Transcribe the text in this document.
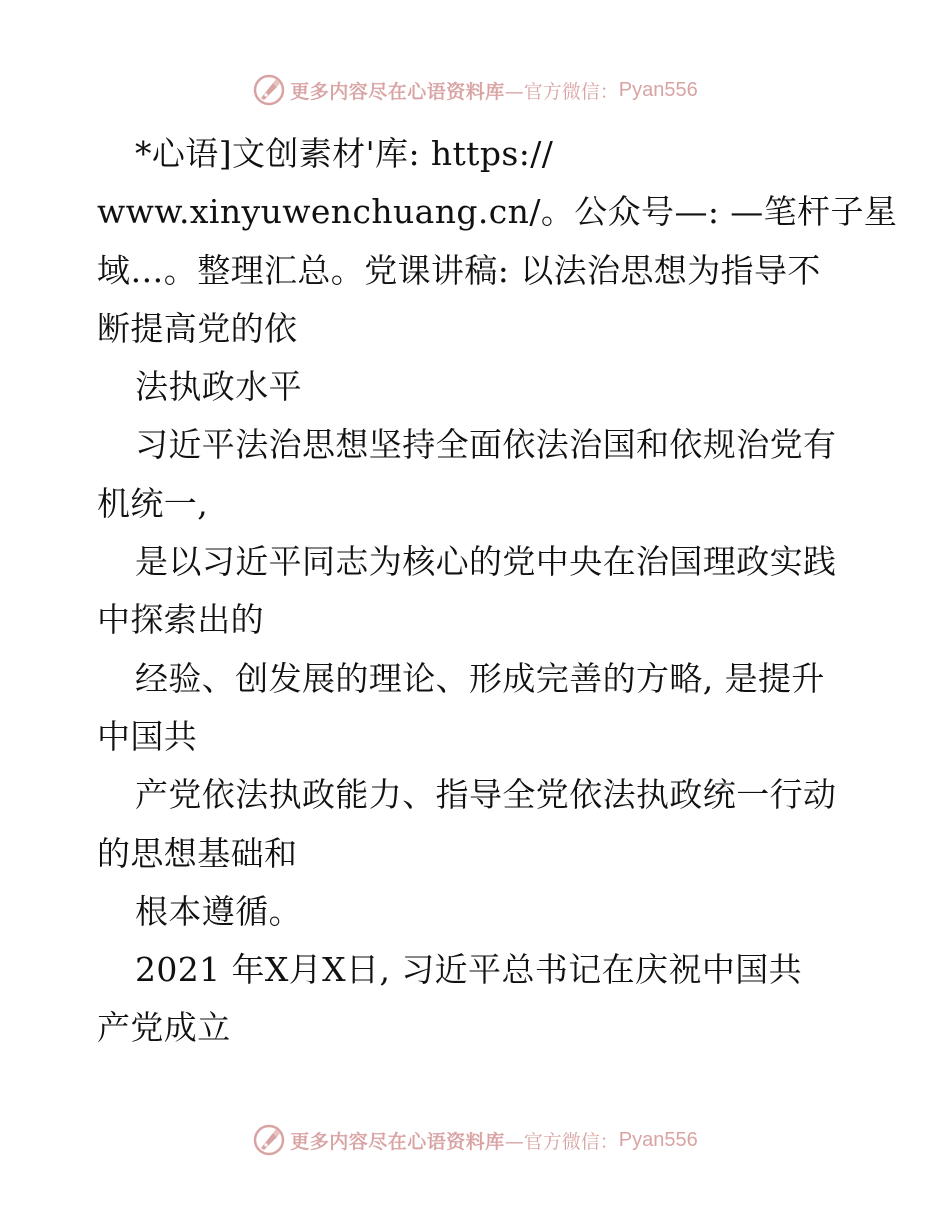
更多内容尽在心语资料库 —官方微信： Pyan556
*心语]文创素材'库: https://
www.xinyuwenchuang.cn/。公众号—: —笔杆子星
域…。整理汇总。党课讲稿: 以法治思想为指导不
断提高党的依
法执政水平
习近平法治思想坚持全面依法治国和依规治党有
机统一,
是以习近平同志为核心的党中央在治国理政实践
中探索出的
经验、创发展的理论、形成完善的方略, 是提升
中国共
产党依法执政能力、指导全党依法执政统一行动
的思想基础和
根本遵循。
2021 年X月X日, 习近平总书记在庆祝中国共
产党成立
更多内容尽在心语资料库 —官方微信： Pyan556
